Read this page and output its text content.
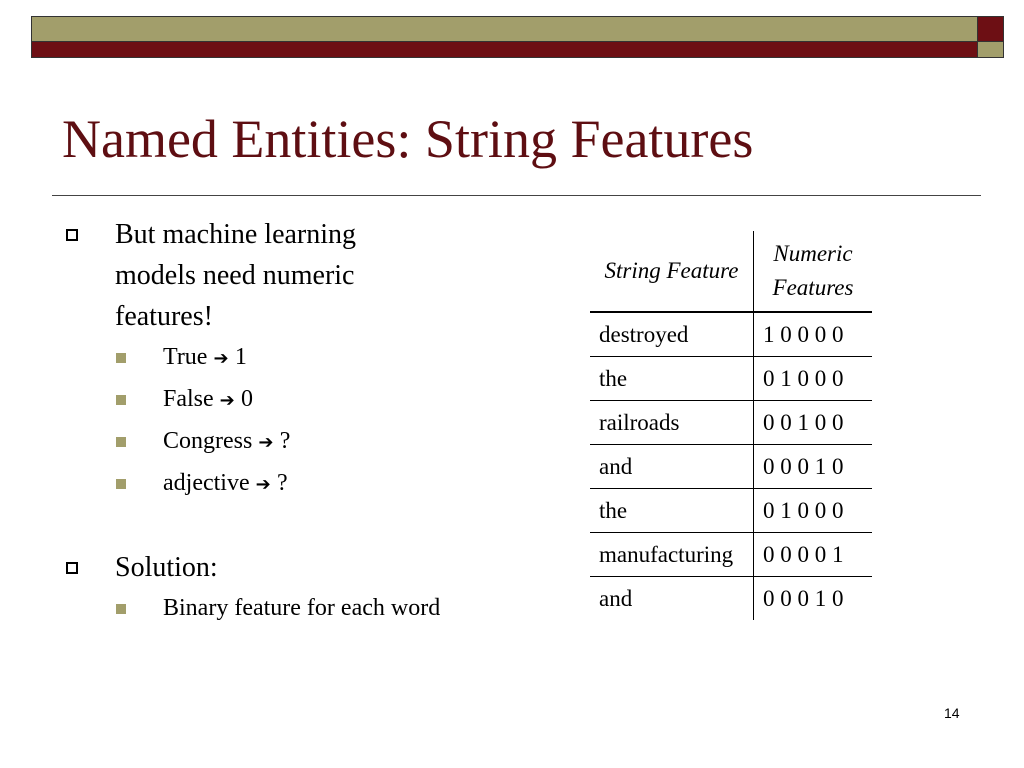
Named Entities: String Features
But machine learning models need numeric features!
True ➔ 1
False ➔ 0
Congress ➔ ?
adjective ➔ ?
Solution:
Binary feature for each word
String Feature	Numeric Features
destroyed	1 0 0 0 0
the	0 1 0 0 0
railroads	0 0 1 0 0
and	0 0 0 1 0
the	0 1 0 0 0
manufacturing	0 0 0 0 1
and	0 0 0 1 0
14
